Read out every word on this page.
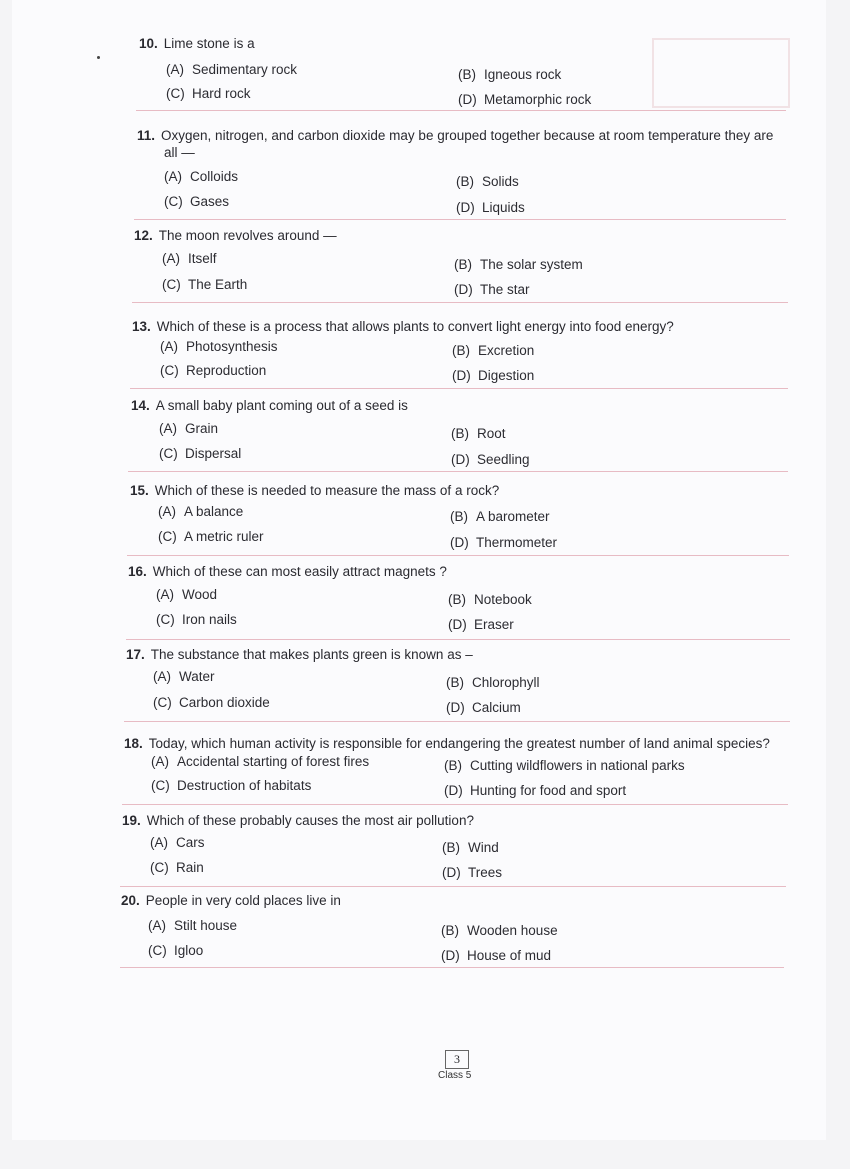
10. Lime stone is a
(A) Sedimentary rock	(B) Igneous rock
(C) Hard rock	(D) Metamorphic rock
11. Oxygen, nitrogen, and carbon dioxide may be grouped together because at room temperature they are
all —
(A) Colloids	(B) Solids
(C) Gases	(D) Liquids
12. The moon revolves around —
(A) Itself	(B) The solar system
(C) The Earth	(D) The star
13. Which of these is a process that allows plants to convert light energy into food energy?
(A) Photosynthesis	(B) Excretion
(C) Reproduction	(D) Digestion
14. A small baby plant coming out of a seed is
(A) Grain	(B) Root
(C) Dispersal	(D) Seedling
15. Which of these is needed to measure the mass of a rock?
(A) A balance	(B) A barometer
(C) A metric ruler	(D) Thermometer
16. Which of these can most easily attract magnets ?
(A) Wood	(B) Notebook
(C) Iron nails	(D) Eraser
17. The substance that makes plants green is known as –
(A) Water	(B) Chlorophyll
(C) Carbon dioxide	(D) Calcium
18. Today, which human activity is responsible for endangering the greatest number of land animal species?
(A) Accidental starting of forest fires	(B) Cutting wildflowers in national parks
(C) Destruction of habitats	(D) Hunting for food and sport
19. Which of these probably causes the most air pollution?
(A) Cars	(B) Wind
(C) Rain	(D) Trees
20. People in very cold places live in
(A) Stilt house	(B) Wooden house
(C) Igloo	(D) House of mud
3
Class 5
